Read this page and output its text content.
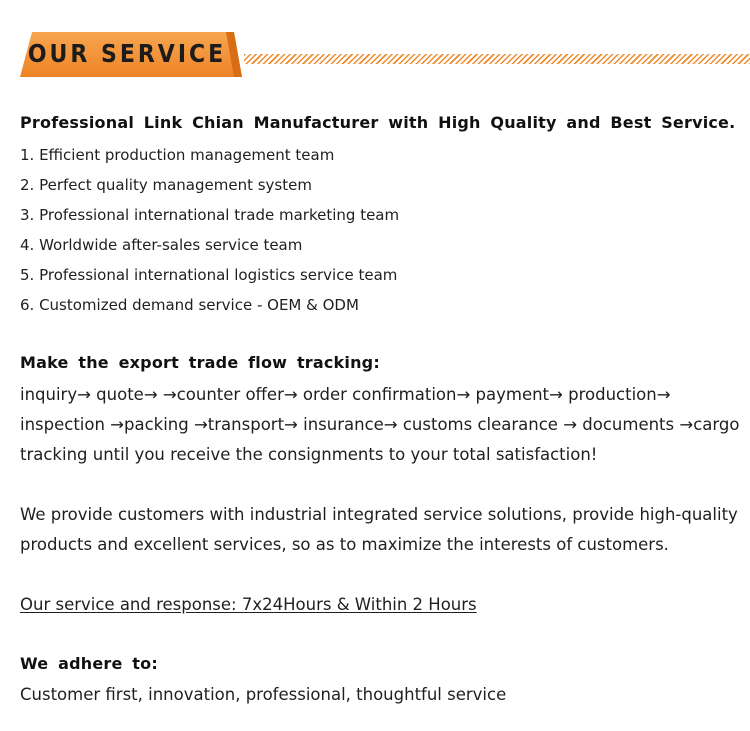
OUR SERVICE
Professional Link Chian Manufacturer with High Quality and Best Service.
1. Efficient production management team
2. Perfect quality management system
3. Professional international trade marketing team
4. Worldwide after-sales service team
5. Professional international logistics service team
6. Customized demand service - OEM & ODM
Make the export trade flow tracking:
inquiry→ quote→ →counter offer→ order confirmation→ payment→ production→
inspection →packing →transport→ insurance→ customs clearance → documents →cargo
tracking until you receive the consignments to your total satisfaction!
We provide customers with industrial integrated service solutions, provide high-quality
products and excellent services, so as to maximize the interests of customers.
Our service and response: 7x24Hours & Within 2 Hours
We adhere to:
Customer first, innovation, professional, thoughtful service
